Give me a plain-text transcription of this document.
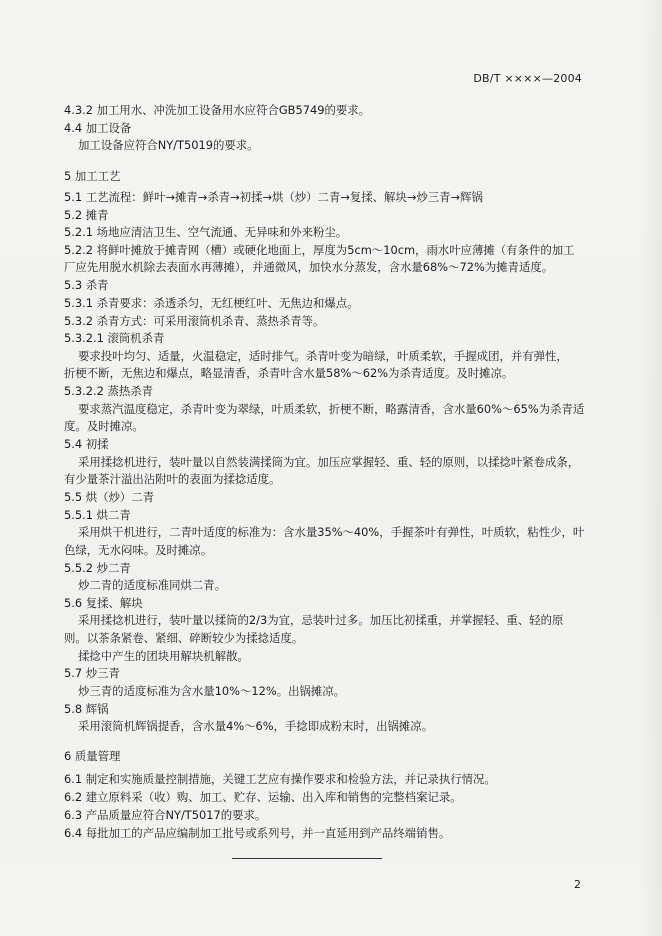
DB/T ××××—2004
4.3.2 加工用水、冲洗加工设备用水应符合GB5749的要求。
4.4 加工设备
加工设备应符合NY/T5019的要求。
5 加工工艺
5.1 工艺流程：鲜叶→摊青→杀青→初揉→烘（炒）二青→复揉、解块→炒三青→辉锅
5.2 摊青
5.2.1 场地应清洁卫生、空气流通、无异味和外来粉尘。
5.2.2 将鲜叶摊放于摊青网（槽）或硬化地面上，厚度为5cm～10cm，雨水叶应薄摊（有条件的加工
厂应先用脱水机除去表面水再薄摊），并通微风，加快水分蒸发，含水量68%～72%为摊青适度。
5.3 杀青
5.3.1 杀青要求：杀透杀匀，无红梗红叶、无焦边和爆点。
5.3.2 杀青方式：可采用滚筒机杀青、蒸热杀青等。
5.3.2.1 滚筒机杀青
要求投叶均匀、适量，火温稳定，适时排气。杀青叶变为暗绿，叶质柔软，手握成团，并有弹性，
折梗不断，无焦边和爆点，略显清香，杀青叶含水量58%～62%为杀青适度。及时摊凉。
5.3.2.2 蒸热杀青
要求蒸汽温度稳定，杀青叶变为翠绿，叶质柔软，折梗不断，略露清香，含水量60%～65%为杀青适
度。及时摊凉。
5.4 初揉
采用揉捻机进行，装叶量以自然装满揉筒为宜。加压应掌握轻、重、轻的原则，以揉捻叶紧卷成条，
有少量茶汁溢出沾附叶的表面为揉捻适度。
5.5 烘（炒）二青
5.5.1 烘二青
采用烘干机进行，二青叶适度的标准为：含水量35%～40%，手握茶叶有弹性，叶质软，粘性少，叶
色绿，无水闷味。及时摊凉。
5.5.2 炒二青
炒二青的适度标准同烘二青。
5.6 复揉、解块
采用揉捻机进行，装叶量以揉筒的2/3为宜，忌装叶过多。加压比初揉重，并掌握轻、重、轻的原
则。以茶条紧卷、紧细、碎断较少为揉捻适度。
揉捻中产生的团块用解块机解散。
5.7 炒三青
炒三青的适度标准为含水量10%～12%。出锅摊凉。
5.8 辉锅
采用滚筒机辉锅提香，含水量4%～6%，手捻即成粉末时，出锅摊凉。
6 质量管理
6.1 制定和实施质量控制措施，关键工艺应有操作要求和检验方法，并记录执行情况。
6.2 建立原料采（收）购、加工、贮存、运输、出入库和销售的完整档案记录。
6.3 产品质量应符合NY/T5017的要求。
6.4 每批加工的产品应编制加工批号或系列号，并一直延用到产品终端销售。
2
